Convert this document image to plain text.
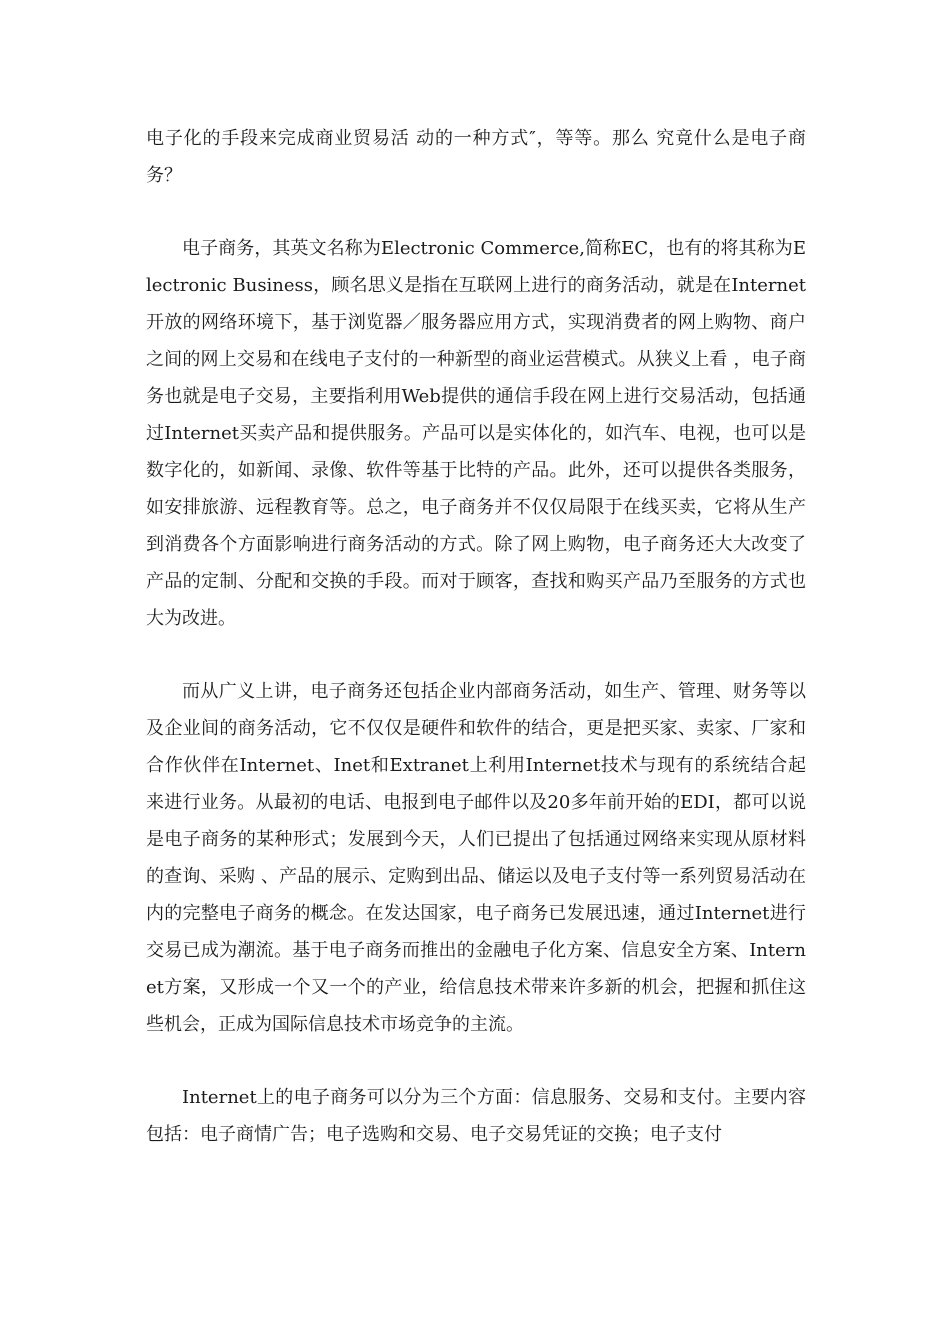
电子化的手段来完成商业贸易活 动的一种方式″，等等。那么 究竟什么是电子商务？

电子商务，其英文名称为Electronic Commerce,简称EC，也有的将其称为Electronic Business，顾名思义是指在互联网上进行的商务活动，就是在Internet开放的网络环境下，基于浏览器／服务器应用方式，实现消费者的网上购物、商户之间的网上交易和在线电子支付的一种新型的商业运营模式。从狭义上看 ，电子商务也就是电子交易，主要指利用Web提供的通信手段在网上进行交易活动，包括通过Internet买卖产品和提供服务。产品可以是实体化的，如汽车、电视，也可以是数字化的，如新闻、录像、软件等基于比特的产品。此外，还可以提供各类服务，如安排旅游、远程教育等。总之，电子商务并不仅仅局限于在线买卖，它将从生产到消费各个方面影响进行商务活动的方式。除了网上购物，电子商务还大大改变了产品的定制、分配和交换的手段。而对于顾客，查找和购买产品乃至服务的方式也大为改进。

而从广义上讲，电子商务还包括企业内部商务活动，如生产、管理、财务等以及企业间的商务活动，它不仅仅是硬件和软件的结合，更是把买家、卖家、厂家和合作伙伴在Internet、Inet和Extranet上利用Internet技术与现有的系统结合起来进行业务。从最初的电话、电报到电子邮件以及20多年前开始的EDI，都可以说是电子商务的某种形式；发展到今天，人们已提出了包括通过网络来实现从原材料的查询、采购 、产品的展示、定购到出品、储运以及电子支付等一系列贸易活动在内的完整电子商务的概念。在发达国家，电子商务已发展迅速，通过Internet进行交易已成为潮流。基于电子商务而推出的金融电子化方案、信息安全方案、Internet方案，又形成一个又一个的产业，给信息技术带来许多新的机会，把握和抓住这些机会，正成为国际信息技术市场竞争的主流。

Internet上的电子商务可以分为三个方面：信息服务、交易和支付。主要内容包括：电子商情广告；电子选购和交易、电子交易凭证的交换；电子支付
